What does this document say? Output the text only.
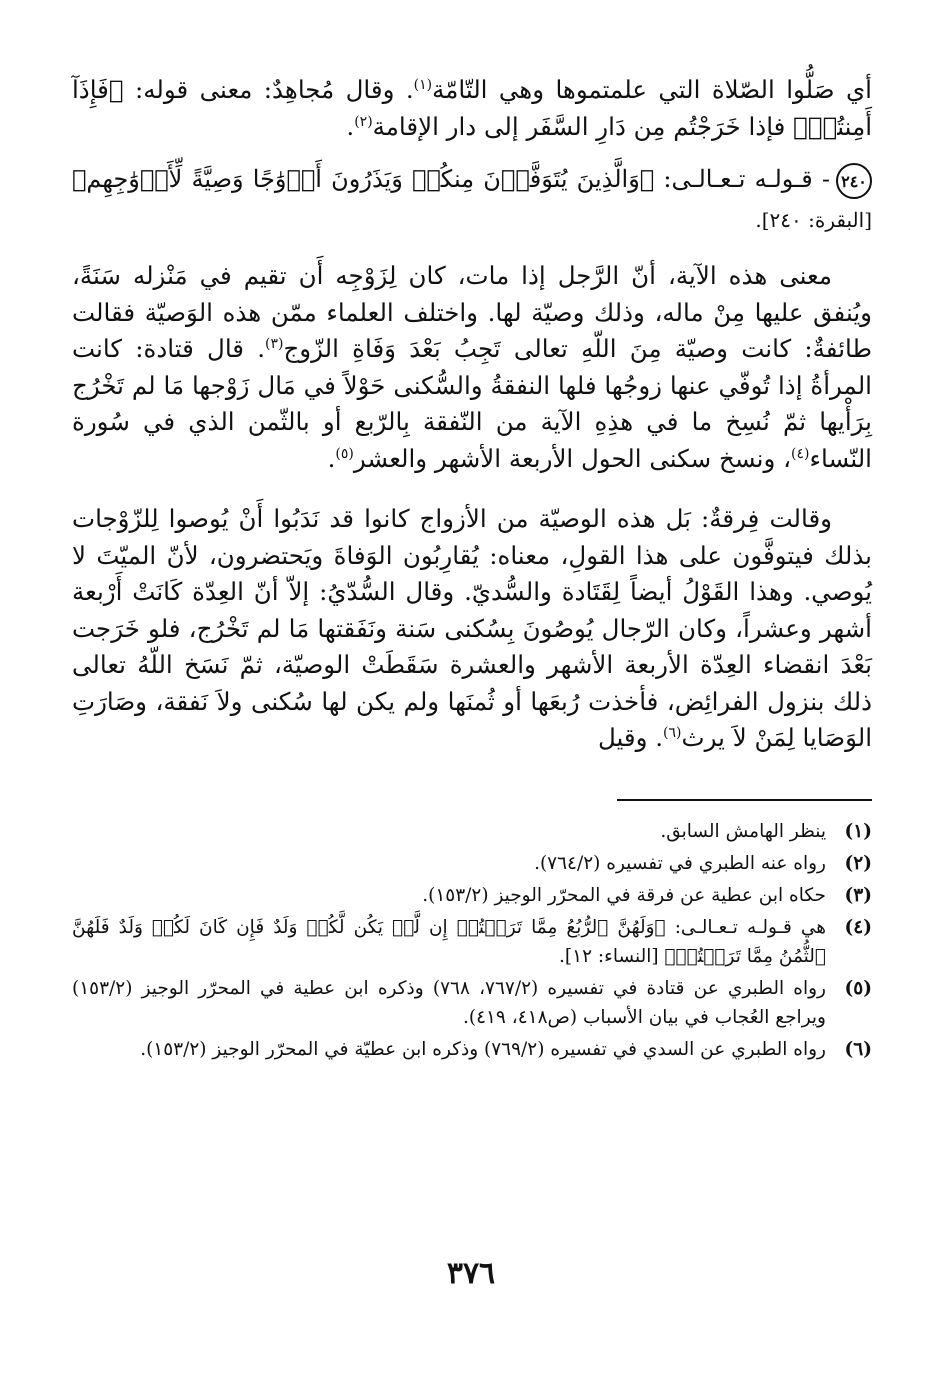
أي صَلُّوا الصّلاة التي علمتموها وهي التّامّة$^{(١)}$. وقال مُجاهِدٌ: معنى قوله: ﴿فَإِذَآ أَمِنتُمۡ﴾ فإذا خَرَجْتُم مِن دَارِ السَّفَر إلى دار الإقامة$^{(٢)}$.

٢٤٠- قـولـه تـعـالـى: ﴿وَالَّذِينَ يُتَوَفَّوۡنَ مِنكُمۡ وَيَذَرُونَ أَزۡوَٰجًا وَصِيَّةً لِّأَزۡوَٰجِهِم﴾ [البقرة: ٢٤٠].

معنى هذه الآية، أنّ الرَّجل إذا مات، كان لِزَوْجِه أَن تقيم في مَنْزله سَنَةً، ويُنفق عليها مِنْ ماله، وذلك وصيّة لها. واختلف العلماء ممّن هذه الوَصيّة فقالت طائفةٌ: كانت وصيّة مِنَ اللّهِ تعالى تَجِبُ بَعْدَ وَفَاةِ الزّوج$^{(٣)}$. قال قتادة: كانت المرأةُ إذا تُوفّي عنها زوجُها فلها النفقةُ والسُّكنى حَوْلاً في مَال زَوْجها مَا لم تَخْرُج بِرَأْيها ثمّ نُسِخ ما في هذِهِ الآية من النّفقة بِالرّبع أو بالثّمن الذي في سُورة النّساء$^{(٤)}$، ونسخ سكنى الحول الأربعة الأشهر والعشر$^{(٥)}$.

وقالت فِرقةٌ: بَل هذه الوصيّة من الأزواج كانوا قد نَدَبُوا أَنْ يُوصوا لِلزّوْجات بذلك فيتوفَّون على هذا القولِ، معناه: يُقارِبُون الوَفاةَ ويَحتضرون، لأنّ الميّتَ لا يُوصي. وهذا القَوْلُ أيضاً لِقَتَادة والسُّديّ. وقال السُّدّيُ: إلاّ أنّ العِدّة كَانَتْ أَرْبعة أشهر وعشراً، وكان الرّجال يُوصُونَ بِسُكنى سَنة ونَفَقتها مَا لم تَخْرُج، فلو خَرَجت بَعْدَ انقضاء العِدّة الأربعة الأشهر والعشرة سَقَطَتْ الوصيّة، ثمّ نَسَخ اللّهُ تعالى ذلك بنزول الفرائِض، فأخذت رُبعَها أو ثُمنَها ولم يكن لها سُكنى ولاَ نَفقة، وصَارَتِ الوَصَايا لِمَنْ لاَ يرث$^{(٦)}$. وقيل

(١)
ينظر الهامش السابق.
(٢)
رواه عنه الطبري في تفسيره (٧٦٤/٢).
(٣)
حكاه ابن عطية عن فرقة في المحرّر الوجيز (١٥٣/٢).
(٤)
هي قـولـه تـعـالـى: ﴿وَلَهُنَّ ٱلرُّبُعُ مِمَّا تَرَكۡتُمۡ إِن لَّمۡ يَكُن لَّكُمۡ وَلَدٌ فَإِن كَانَ لَكُمۡ وَلَدٌ فَلَهُنَّ ٱلثُّمُنُ مِمَّا تَرَكۡتُمۚ﴾ [النساء: ١٢].
(٥)
رواه الطبري عن قتادة في تفسيره (٧٦٧/٢، ٧٦٨) وذكره ابن عطية في المحرّر الوجيز (١٥٣/٢) ويراجع العُجاب في بيان الأسباب (ص٤١٨، ٤١٩).
(٦)
رواه الطبري عن السدي في تفسيره (٧٦٩/٢) وذكره ابن عطيّة في المحرّر الوجيز (١٥٣/٢).
٣٧٦
